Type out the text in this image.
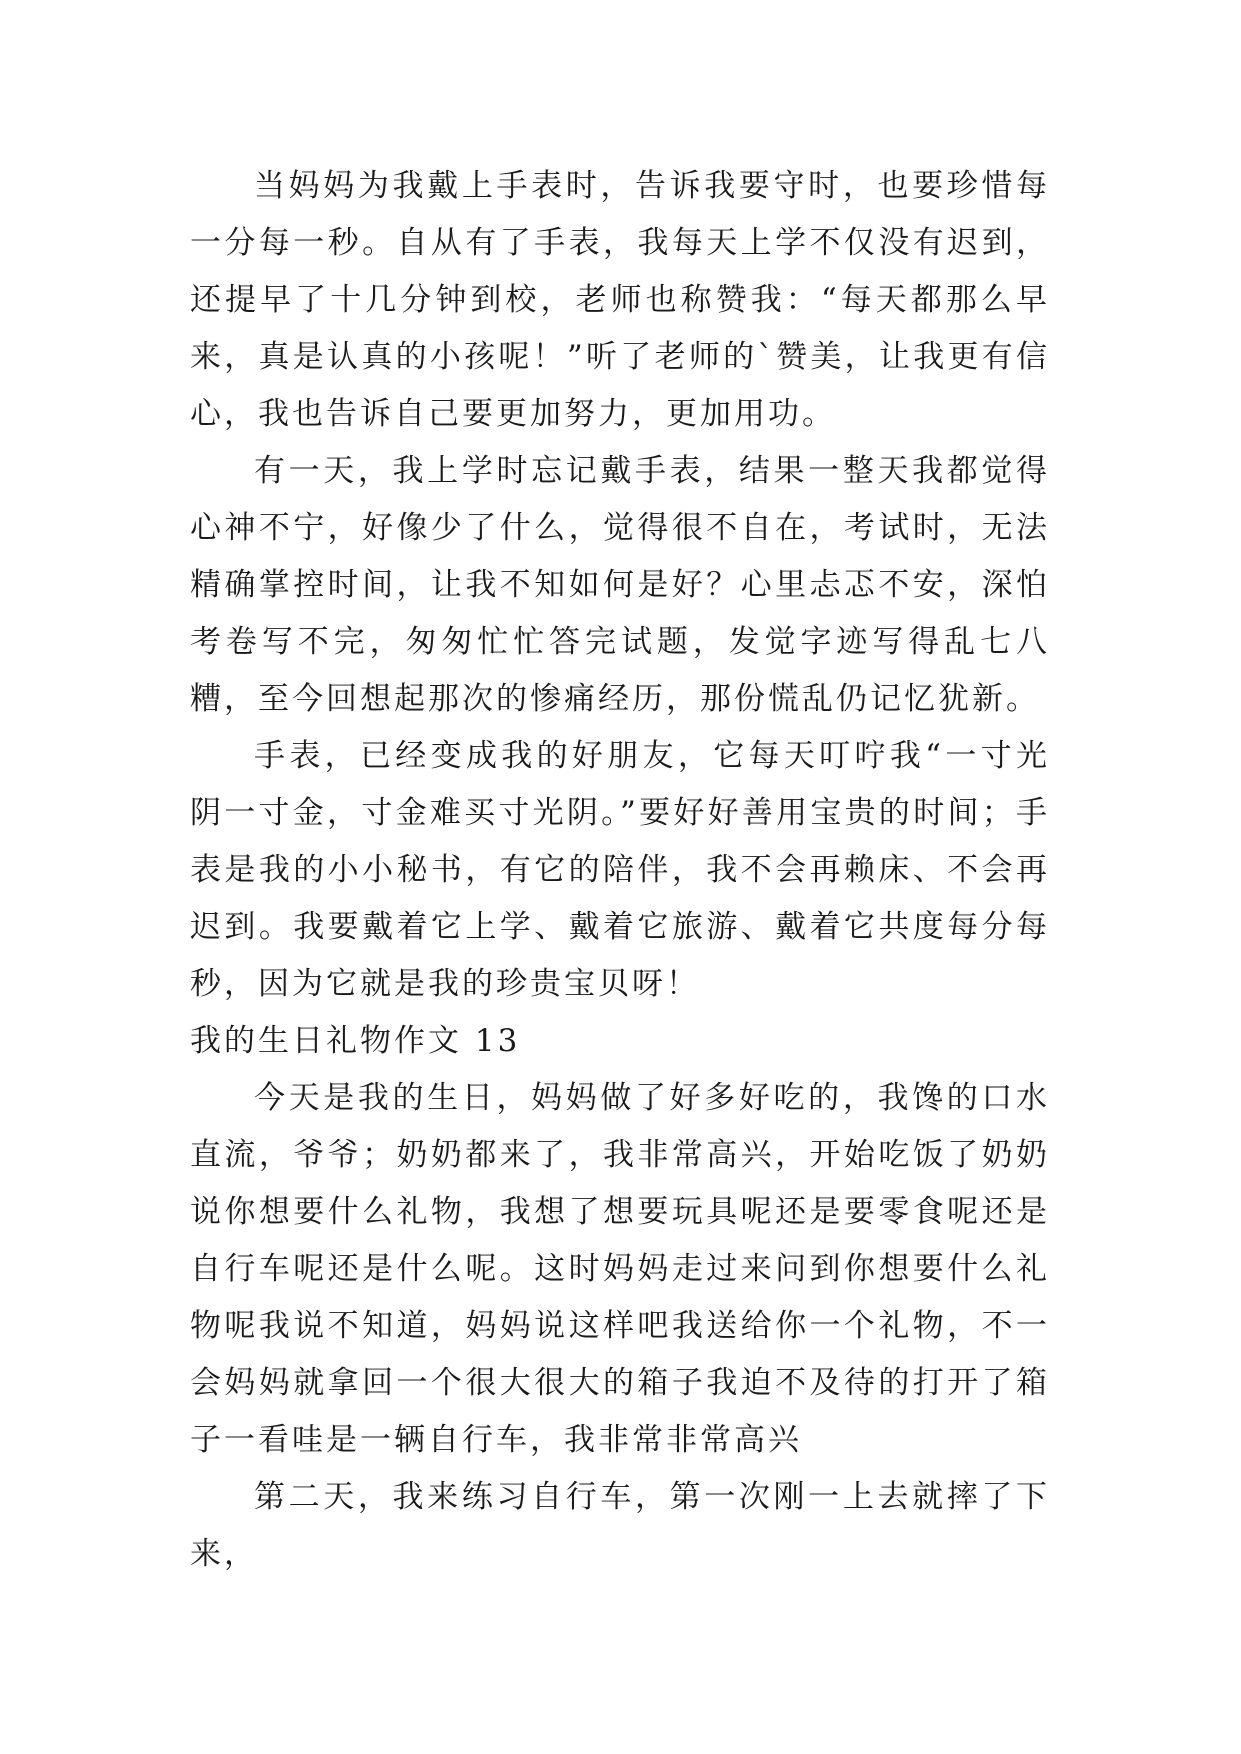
当妈妈为我戴上手表时，告诉我要守时，也要珍惜每一分每一秒。自从有了手表，我每天上学不仅没有迟到，还提早了十几分钟到校，老师也称赞我：“每天都那么早来，真是认真的小孩呢！”听了老师的`赞美，让我更有信心，我也告诉自己要更加努力，更加用功。

有一天，我上学时忘记戴手表，结果一整天我都觉得心神不宁，好像少了什么，觉得很不自在，考试时，无法精确掌控时间，让我不知如何是好？心里忐忑不安，深怕考卷写不完，匆匆忙忙答完试题，发觉字迹写得乱七八糟，至今回想起那次的惨痛经历，那份慌乱仍记忆犹新。

手表，已经变成我的好朋友，它每天叮咛我“一寸光阴一寸金，寸金难买寸光阴。”要好好善用宝贵的时间；手表是我的小小秘书，有它的陪伴，我不会再赖床、不会再迟到。我要戴着它上学、戴着它旅游、戴着它共度每分每秒，因为它就是我的珍贵宝贝呀！

我的生日礼物作文 13

今天是我的生日，妈妈做了好多好吃的，我馋的口水直流，爷爷；奶奶都来了，我非常高兴，开始吃饭了奶奶说你想要什么礼物，我想了想要玩具呢还是要零食呢还是自行车呢还是什么呢。这时妈妈走过来问到你想要什么礼物呢我说不知道，妈妈说这样吧我送给你一个礼物，不一会妈妈就拿回一个很大很大的箱子我迫不及待的打开了箱子一看哇是一辆自行车，我非常非常高兴

第二天，我来练习自行车，第一次刚一上去就摔了下来，
